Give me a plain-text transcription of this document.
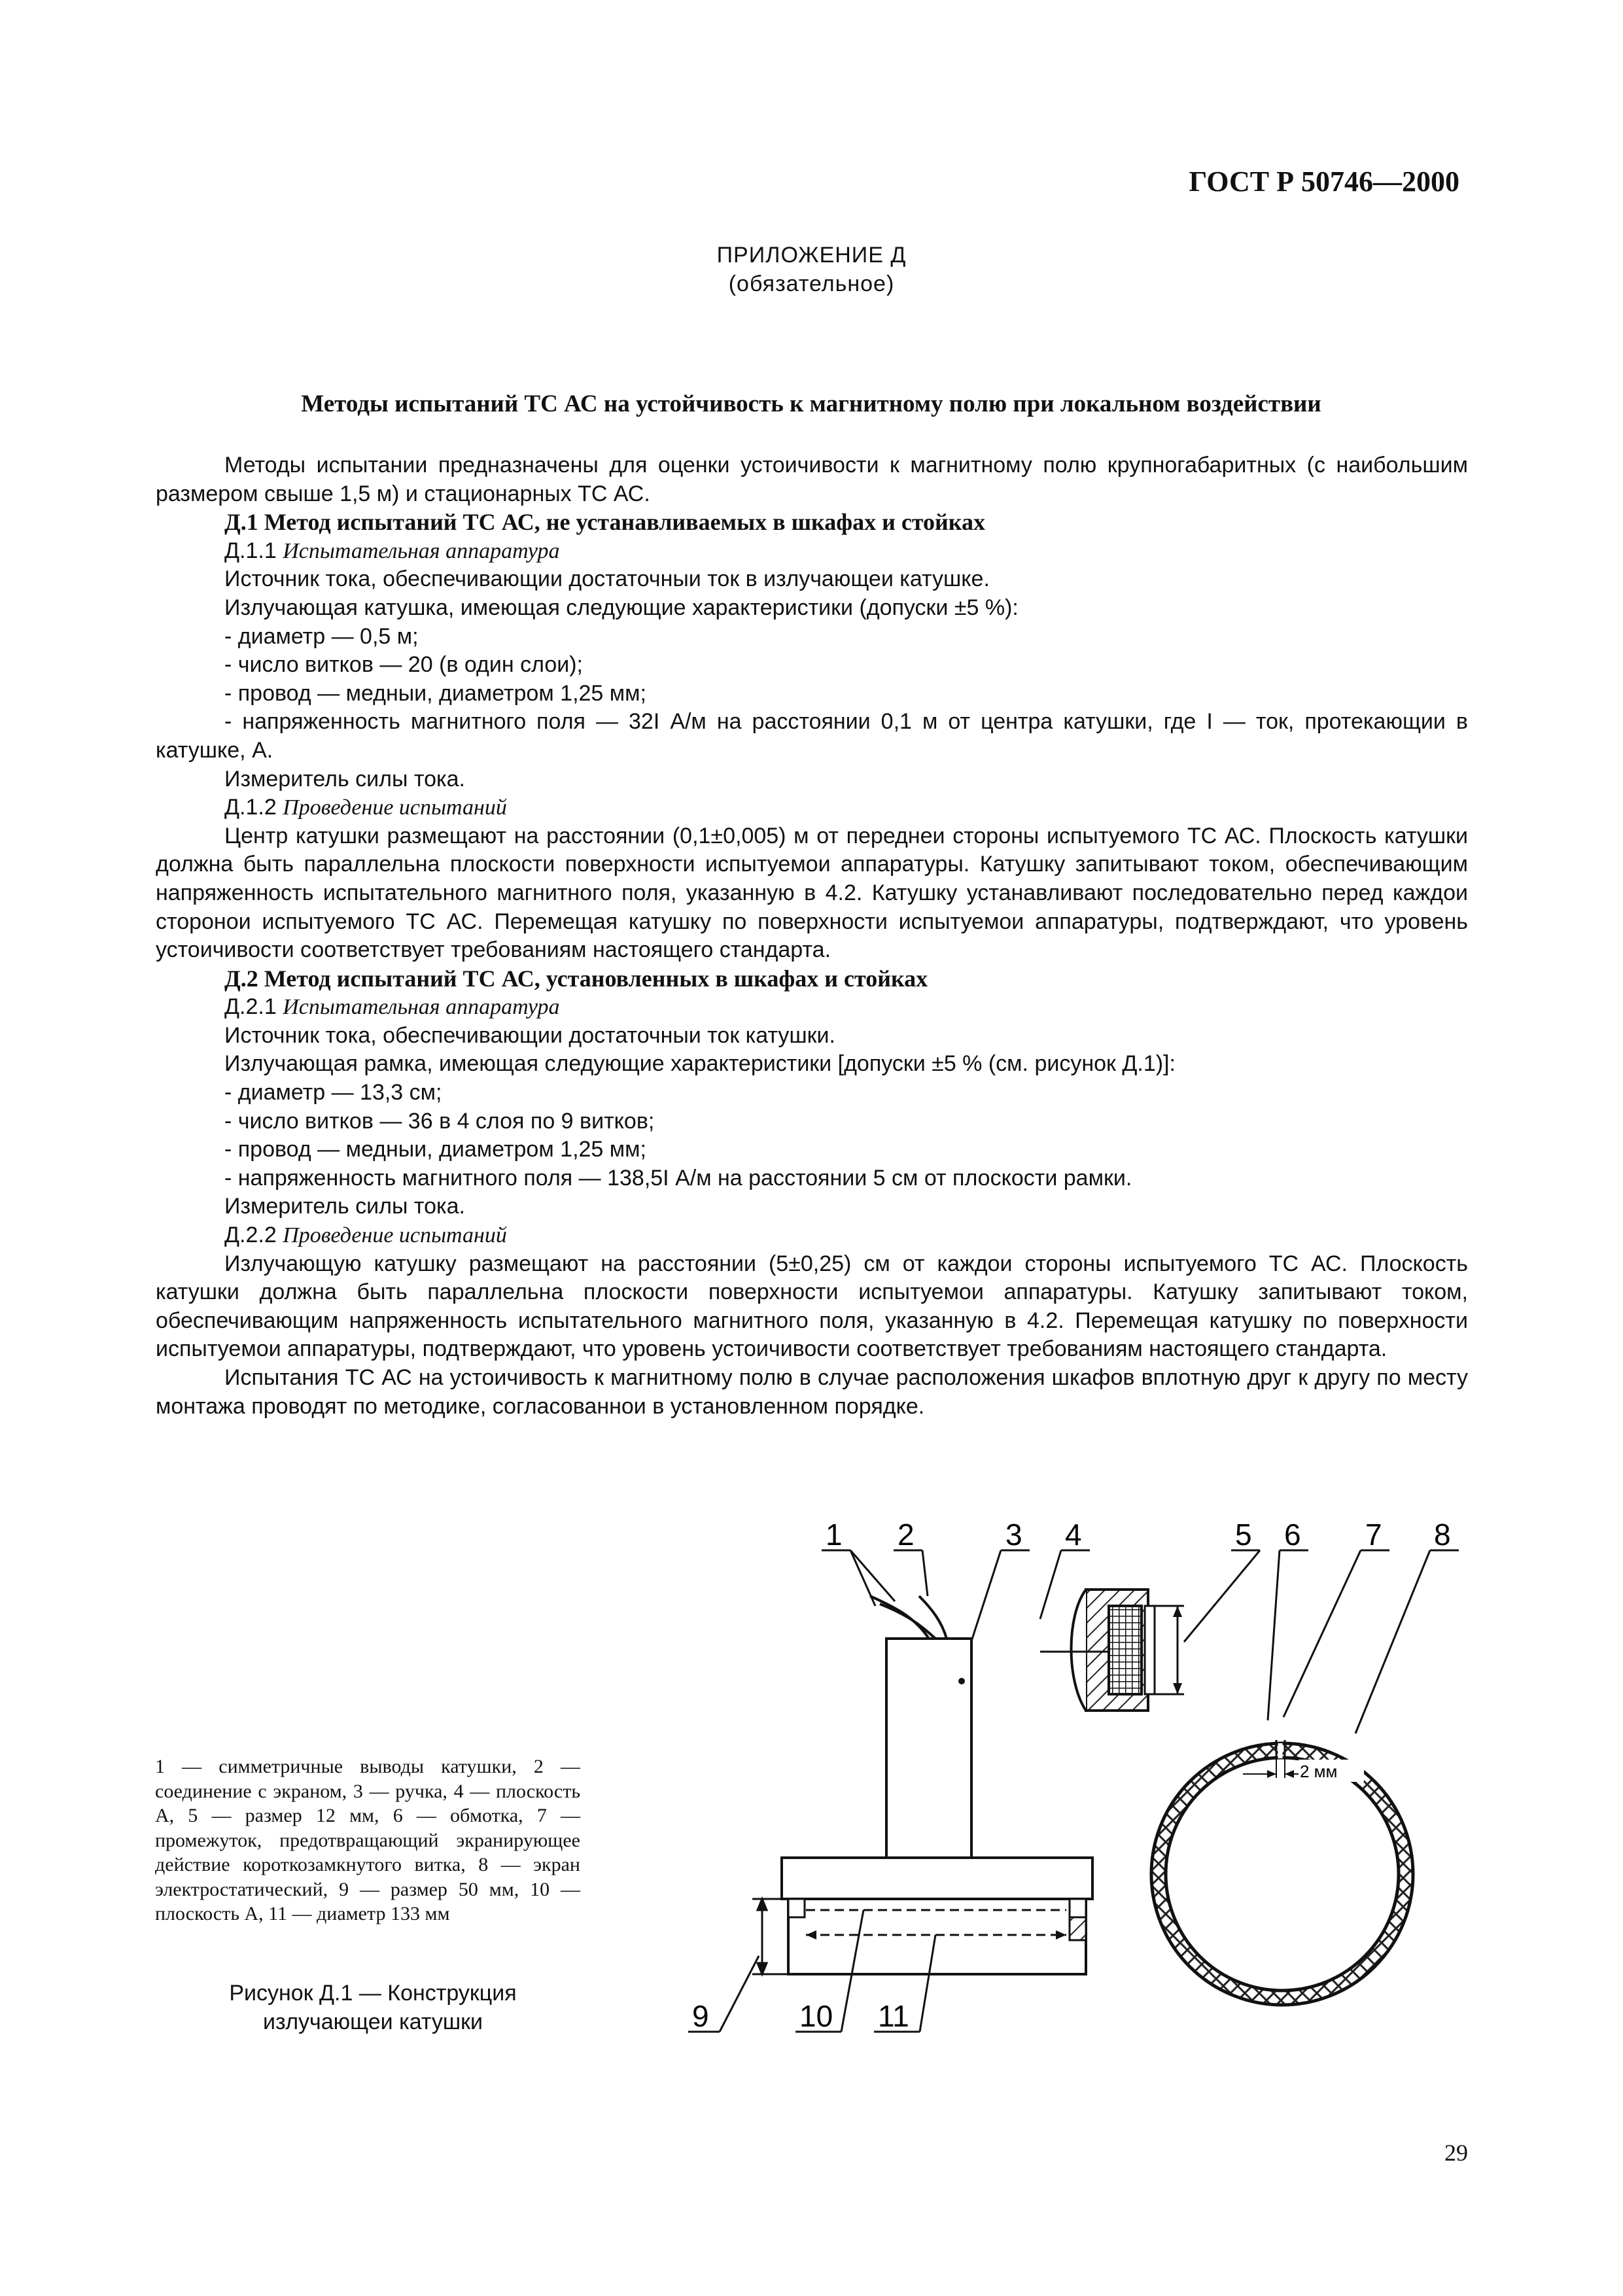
ГОСТ Р 50746—2000
ПРИЛОЖЕНИЕ Д
(обязательное)
Методы испытаний ТС АС на устойчивость к магнитному полю при локальном воздействии

Методы испытании предназначены для оценки устоичивости к магнитному полю крупногабаритных (с наибольшим размером свыше 1,5 м) и стационарных ТС АС.

Д.1 Метод испытаний ТС АС, не устанавливаемых в шкафах и стойках

Д.1.1 Испытательная аппаратура

Источник тока, обеспечивающии достаточныи ток в излучающеи катушке.

Излучающая катушка, имеющая следующие характеристики (допуски ±5 %):

- диаметр — 0,5 м;

- число витков — 20 (в один слои);

- провод — медныи, диаметром 1,25 мм;

- напряженность магнитного поля — 32I А/м на расстоянии 0,1 м от центра катушки, где I — ток, протекающии в катушке, А.

Измеритель силы тока.

Д.1.2 Проведение испытаний

Центр катушки размещают на расстоянии (0,1±0,005) м от переднеи стороны испытуемого ТС АС. Плоскость катушки должна быть параллельна плоскости поверхности испытуемои аппаратуры. Катушку запитывают током, обеспечивающим напряженность испытательного магнитного поля, указанную в 4.2. Катушку устанавливают последовательно перед каждои сторонои испытуемого ТС АС. Перемещая катушку по поверхности испытуемои аппаратуры, подтверждают, что уровень устоичивости соответствует требованиям настоящего стандарта.

Д.2 Метод испытаний ТС АС, установленных в шкафах и стойках

Д.2.1 Испытательная аппаратура

Источник тока, обеспечивающии достаточныи ток катушки.

Излучающая рамка, имеющая следующие характеристики [допуски ±5 % (см. рисунок Д.1)]:

- диаметр — 13,3 см;

- число витков — 36 в 4 слоя по 9 витков;

- провод — медныи, диаметром 1,25 мм;

- напряженность магнитного поля — 138,5I А/м на расстоянии 5 см от плоскости рамки.

Измеритель силы тока.

Д.2.2 Проведение испытаний

Излучающую катушку размещают на расстоянии (5±0,25) см от каждои стороны испытуемого ТС АС. Плоскость катушки должна быть параллельна плоскости поверхности испытуемои аппаратуры. Катушку запитывают током, обеспечивающим напряженность испытательного магнитного поля, указанную в 4.2. Перемещая катушку по поверхности испытуемои аппаратуры, подтверждают, что уровень устоичивости соответствует требованиям настоящего стандарта.

Испытания ТС АС на устоичивость к магнитному полю в случае расположения шкафов вплотную друг к другу по месту монтажа проводят по методике, согласованнои в установленном порядке.

1 — симметричные выводы катушки, 2 — соединение с экраном, 3 — ручка, 4 — плоскость А, 5 — размер 12 мм, 6 — обмотка, 7 — промежуток, предотвращающий экранирующее действие короткозамкнутого витка, 8 — экран электростатический, 9 — размер 50 мм, 10 — плоскость А, 11 — диаметр 133 мм
Рисунок Д.1 — Конструкция
излучающеи катушки
1 2	3 4	5 6 7 8
9	10 11
2 мм
29
